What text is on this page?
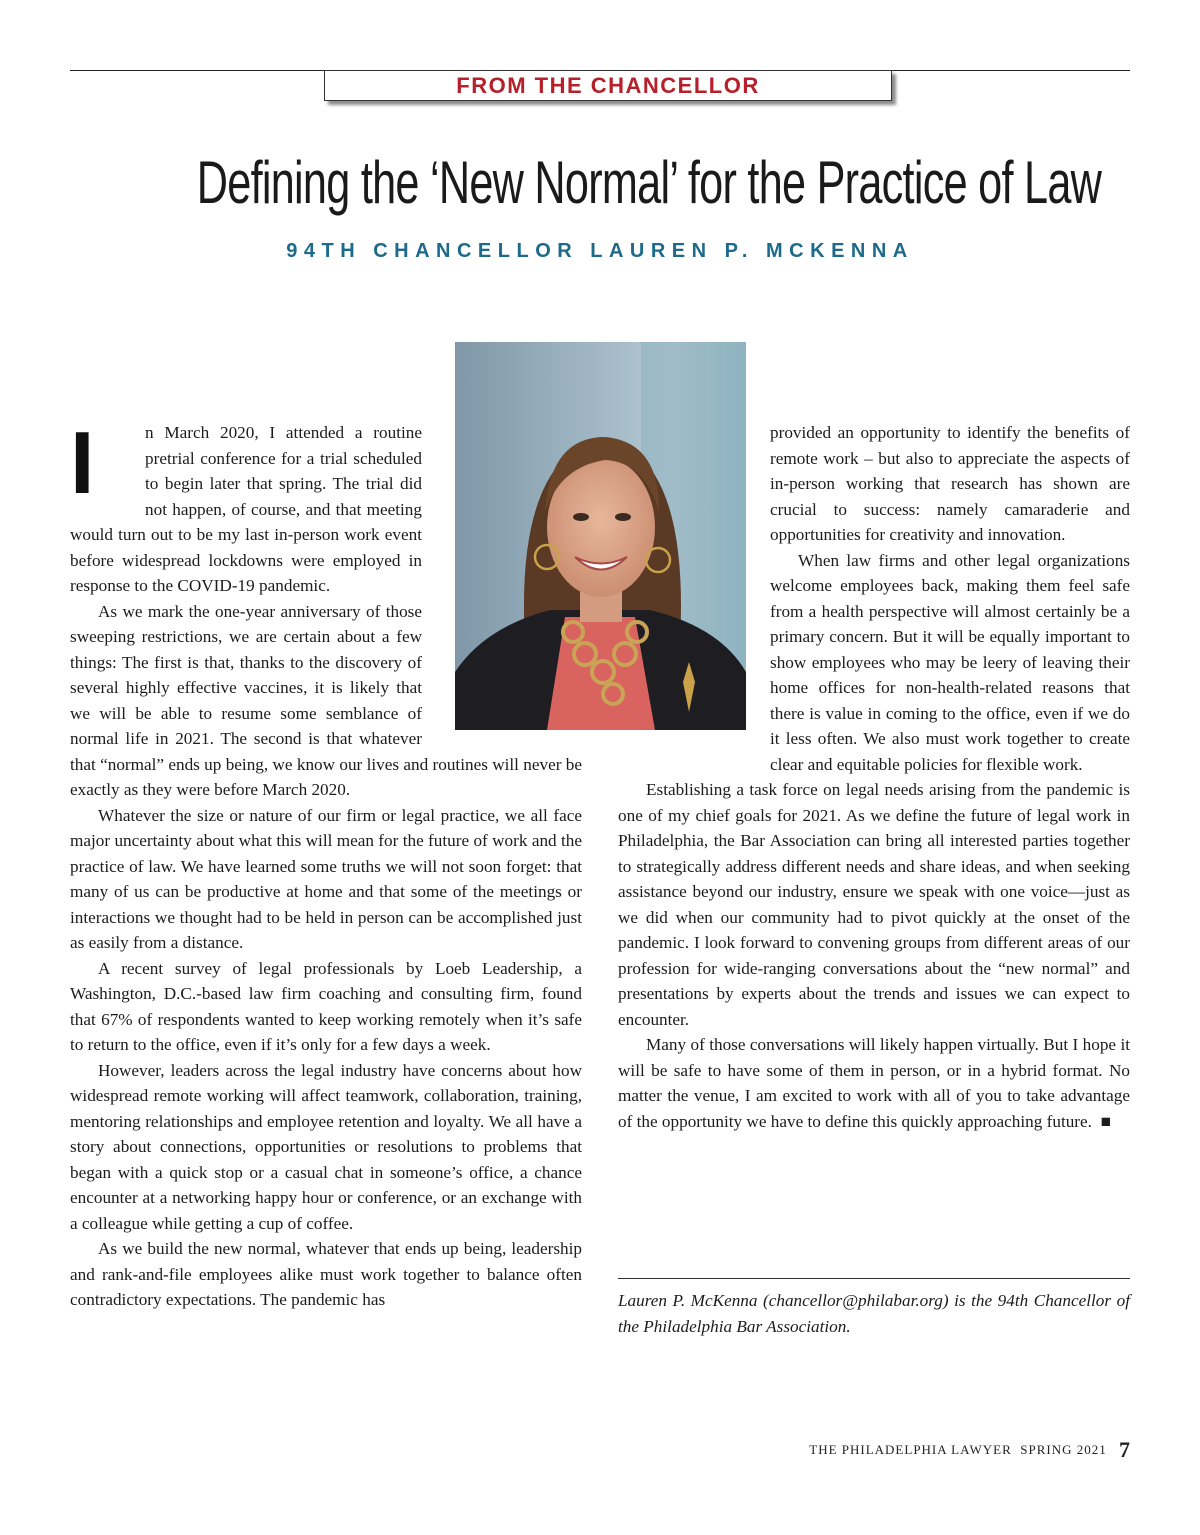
FROM THE CHANCELLOR
Defining the ‘New Normal’ for the Practice of Law
94TH CHANCELLOR LAUREN P. MCKENNA
I	n March 2020, I attended a routine pretrial conference for a trial scheduled to begin later that spring. The trial did not happen, of course, and that meeting would turn out to be my last in-person work event before widespread lockdowns were employed in response to the COVID-19 pandemic.

As we mark the one-year anniversary of those sweeping restrictions, we are certain about a few things: The first is that, thanks to the discovery of several highly effective vaccines, it is likely that we will be able to resume some semblance of normal life in 2021. The second is that whatever that “normal” ends up being, we know our lives and routines will never be exactly as they were before March 2020.

Whatever the size or nature of our firm or legal practice, we all face major uncertainty about what this will mean for the future of work and the practice of law. We have learned some truths we will not soon forget: that many of us can be productive at home and that some of the meetings or interactions we thought had to be held in person can be accomplished just as easily from a distance.

A recent survey of legal professionals by Loeb Leadership, a Washington, D.C.-based law firm coaching and consulting firm, found that 67% of respondents wanted to keep working remotely when it’s safe to return to the office, even if it’s only for a few days a week.

However, leaders across the legal industry have concerns about how widespread remote working will affect teamwork, collaboration, training, mentoring relationships and employee retention and loyalty. We all have a story about connections, opportunities or resolutions to problems that began with a quick stop or a casual chat in someone’s office, a chance encounter at a networking happy hour or conference, or an exchange with a colleague while getting a cup of coffee.

As we build the new normal, whatever that ends up being, leadership and rank-and-file employees alike must work together to balance often contradictory expectations. The pandemic has

provided an opportunity to identify the benefits of remote work – but also to appreciate the aspects of in-person working that research has shown are crucial to success: namely camaraderie and opportunities for creativity and innovation.

When law firms and other legal organizations welcome employees back, making them feel safe from a health perspective will almost certainly be a primary concern. But it will be equally important to show employees who may be leery of leaving their home offices for non-health-related reasons that there is value in coming to the office, even if we do it less often. We also must work together to create clear and equitable policies for flexible work.

Establishing a task force on legal needs arising from the pandemic is one of my chief goals for 2021. As we define the future of legal work in Philadelphia, the Bar Association can bring all interested parties together to strategically address different needs and share ideas, and when seeking assistance beyond our industry, ensure we speak with one voice—just as we did when our community had to pivot quickly at the onset of the pandemic. I look forward to convening groups from different areas of our profession for wide-ranging conversations about the “new normal” and presentations by experts about the trends and issues we can expect to encounter.

Many of those conversations will likely happen virtually. But I hope it will be safe to have some of them in person, or in a hybrid format. No matter the venue, I am excited to work with all of you to take advantage of the opportunity we have to define this quickly approaching future. ■

Lauren P. McKenna (chancellor@philabar.org) is the 94th Chancellor of the Philadelphia Bar Association.
THE PHILADELPHIA LAWYER SPRING 2021 7
